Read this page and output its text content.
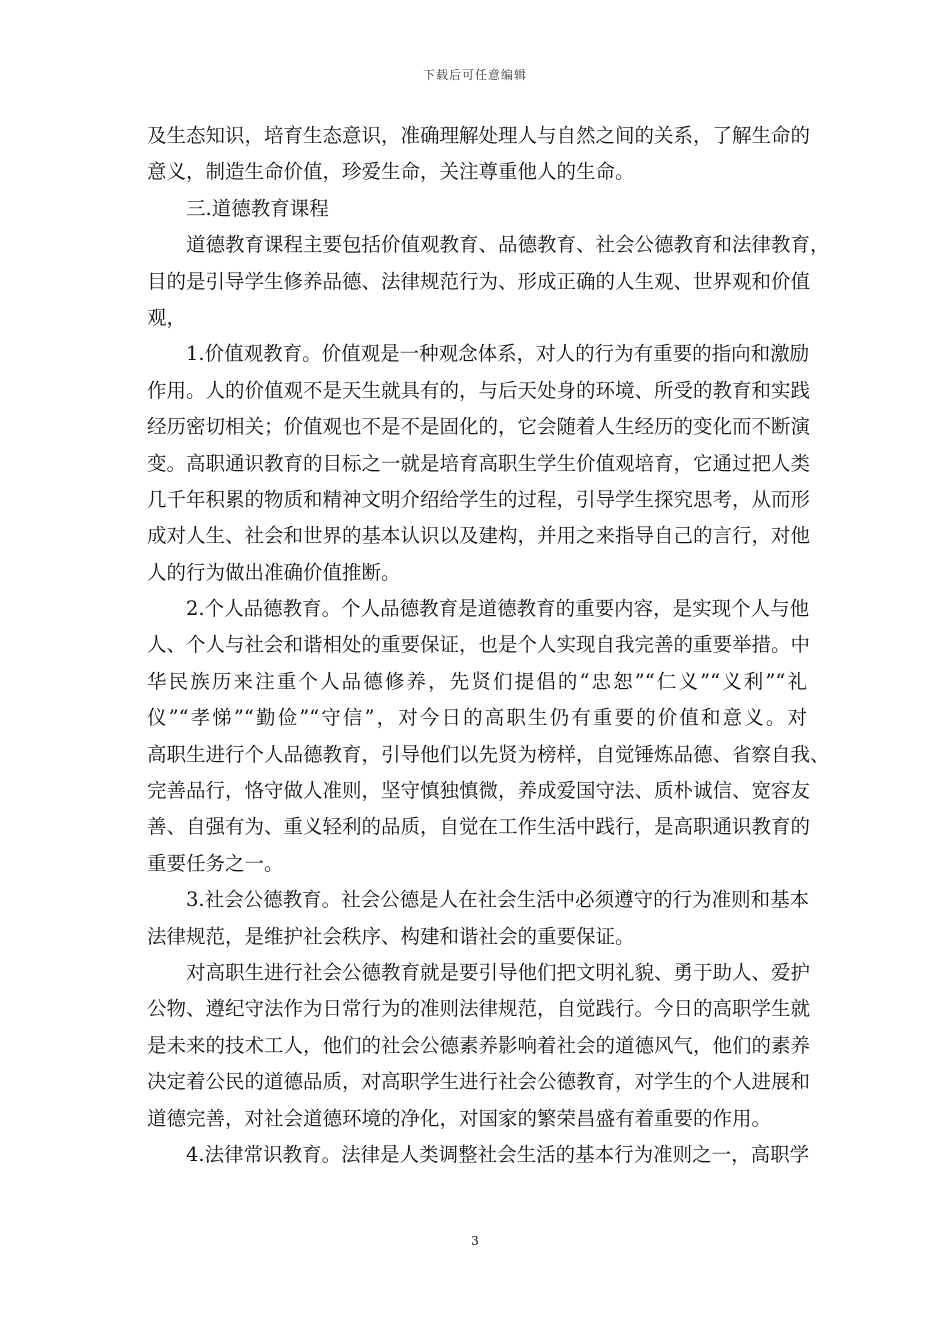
下载后可任意编辑
及生态知识，培育生态意识，准确理解处理人与自然之间的关系，了解生命的
意义，制造生命价值，珍爱生命，关注尊重他人的生命。
三.道德教育课程
道德教育课程主要包括价值观教育、品德教育、社会公德教育和法律教育，
目的是引导学生修养品德、法律规范行为、形成正确的人生观、世界观和价值
观，
1.价值观教育。价值观是一种观念体系，对人的行为有重要的指向和激励
作用。人的价值观不是天生就具有的，与后天处身的环境、所受的教育和实践
经历密切相关；价值观也不是不是固化的，它会随着人生经历的变化而不断演
变。高职通识教育的目标之一就是培育高职生学生价值观培育，它通过把人类
几千年积累的物质和精神文明介绍给学生的过程，引导学生探究思考，从而形
成对人生、社会和世界的基本认识以及建构，并用之来指导自己的言行，对他
人的行为做出准确价值推断。
2.个人品德教育。个人品德教育是道德教育的重要内容，是实现个人与他
人、个人与社会和谐相处的重要保证，也是个人实现自我完善的重要举措。中
华民族历来注重个人品德修养，先贤们提倡的“忠恕”“仁义”“义利”“礼
仪”“孝悌”“勤俭”“守信”，对今日的高职生仍有重要的价值和意义。对
高职生进行个人品德教育，引导他们以先贤为榜样，自觉锤炼品德、省察自我、
完善品行，恪守做人准则，坚守慎独慎微，养成爱国守法、质朴诚信、宽容友
善、自强有为、重义轻利的品质，自觉在工作生活中践行，是高职通识教育的
重要任务之一。
3.社会公德教育。社会公德是人在社会生活中必须遵守的行为准则和基本
法律规范，是维护社会秩序、构建和谐社会的重要保证。
对高职生进行社会公德教育就是要引导他们把文明礼貌、勇于助人、爱护
公物、遵纪守法作为日常行为的准则法律规范，自觉践行。今日的高职学生就
是未来的技术工人，他们的社会公德素养影响着社会的道德风气，他们的素养
决定着公民的道德品质，对高职学生进行社会公德教育，对学生的个人进展和
道德完善，对社会道德环境的净化，对国家的繁荣昌盛有着重要的作用。
4.法律常识教育。法律是人类调整社会生活的基本行为准则之一，高职学
3
